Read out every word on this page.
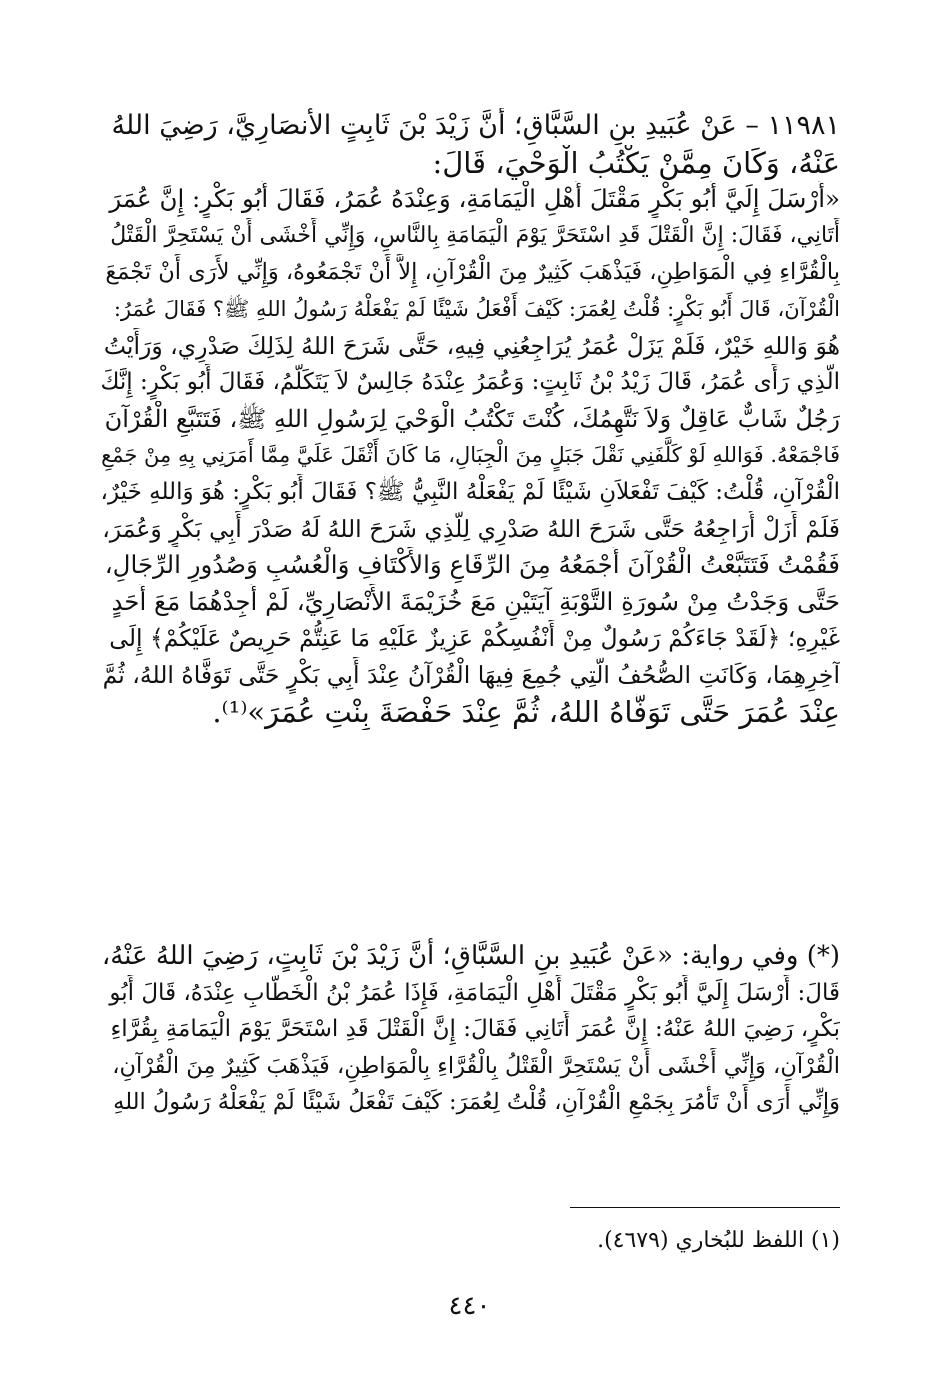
١١٩٨١ – عَنْ عُبَيدِ بنِ السَّبَّاقِ؛ أَنَّ زَيْدَ بْنَ ثَابِتٍ الأَنصَارِيَّ، رَضِيَ اللهُ
عَنْهُ، وَكَانَ مِمَّنْ يَكْتُبُ الْوَحْيَ، قَالَ:
«أَرْسَلَ إِلَيَّ أَبُو بَكْرٍ مَقْتَلَ أَهْلِ الْيَمَامَةِ، وَعِنْدَهُ عُمَرُ، فَقَالَ أَبُو بَكْرٍ: إِنَّ عُمَرَ
أَتَانِي، فَقَالَ: إِنَّ الْقَتْلَ قَدِ اسْتَحَرَّ يَوْمَ الْيَمَامَةِ بِالنَّاسِ، وَإِنِّي أَخْشَى أَنْ يَسْتَحِرَّ الْقَتْلُ
بِالْقُرَّاءِ فِي الْمَوَاطِنِ، فَيَذْهَبَ كَثِيرٌ مِنَ الْقُرْآنِ، إِلاَّ أَنْ تَجْمَعُوهُ، وَإِنِّي لأَرَى أَنْ تَجْمَعَ
الْقُرْآنَ، قَالَ أَبُو بَكْرٍ: قُلْتُ لِعُمَرَ: كَيْفَ أَفْعَلُ شَيْئًا لَمْ يَفْعَلْهُ رَسُولُ اللهِ ﷺ؟ فَقَالَ عُمَرُ:
هُوَ وَاللهِ خَيْرٌ، فَلَمْ يَزَلْ عُمَرُ يُرَاجِعُنِي فِيهِ، حَتَّى شَرَحَ اللهُ لِذَلِكَ صَدْرِي، وَرَأَيْتُ
الَّذِي رَأَى عُمَرُ، قَالَ زَيْدُ بْنُ ثَابِتٍ: وَعُمَرُ عِنْدَهُ جَالِسٌ لاَ يَتَكَلَّمُ، فَقَالَ أَبُو بَكْرٍ: إِنَّكَ
رَجُلٌ شَابٌّ عَاقِلٌ وَلاَ نَتَّهِمُكَ، كُنْتَ تَكْتُبُ الْوَحْيَ لِرَسُولِ اللهِ ﷺ، فَتَتَبَّعِ الْقُرْآنَ
فَاجْمَعْهُ. فَوَاللهِ لَوْ كَلَّفَنِي نَقْلَ جَبَلٍ مِنَ الْجِبَالِ، مَا كَانَ أَثْقَلَ عَلَيَّ مِمَّا أَمَرَنِي بِهِ مِنْ جَمْعِ
الْقُرْآنِ، قُلْتُ: كَيْفَ تَفْعَلاَنِ شَيْئًا لَمْ يَفْعَلْهُ النَّبِيُّ ﷺ؟ فَقَالَ أَبُو بَكْرٍ: هُوَ وَاللهِ خَيْرٌ،
فَلَمْ أَزَلْ أُرَاجِعُهُ حَتَّى شَرَحَ اللهُ صَدْرِي لِلَّذِي شَرَحَ اللهُ لَهُ صَدْرَ أَبِي بَكْرٍ وَعُمَرَ،
فَقُمْتُ فَتَتَبَّعْتُ الْقُرْآنَ أَجْمَعُهُ مِنَ الرِّقَاعِ وَالأَكْتَافِ وَالْعُسُبِ وَصُدُورِ الرِّجَالِ،
حَتَّى وَجَدْتُ مِنْ سُورَةِ التَّوْبَةِ آيَتَيْنِ مَعَ خُزَيْمَةَ الأَنْصَارِيِّ، لَمْ أَجِدْهُمَا مَعَ أَحَدٍ
غَيْرِهِ؛ ﴿لَقَدْ جَاءَكُمْ رَسُولٌ مِنْ أَنْفُسِكُمْ عَزِيزٌ عَلَيْهِ مَا عَنِتُّمْ حَرِيصٌ عَلَيْكُمْ﴾ إِلَى
آخِرِهِمَا، وَكَانَتِ الصُّحُفُ الَّتِي جُمِعَ فِيهَا الْقُرْآنُ عِنْدَ أَبِي بَكْرٍ حَتَّى تَوَفَّاهُ اللهُ، ثُمَّ
عِنْدَ عُمَرَ حَتَّى تَوَفَّاهُ اللهُ، ثُمَّ عِنْدَ حَفْصَةَ بِنْتِ عُمَرَ»⁽¹⁾.
(*) وفي رواية: «عَنْ عُبَيدِ بنِ السَّبَّاقِ؛ أَنَّ زَيْدَ بْنَ ثَابِتٍ، رَضِيَ اللهُ عَنْهُ،
قَالَ: أَرْسَلَ إِلَيَّ أَبُو بَكْرٍ مَقْتَلَ أَهْلِ الْيَمَامَةِ، فَإِذَا عُمَرُ بْنُ الْخَطَّابِ عِنْدَهُ، قَالَ أَبُو
بَكْرٍ، رَضِيَ اللهُ عَنْهُ: إِنَّ عُمَرَ أَتَانِي فَقَالَ: إِنَّ الْقَتْلَ قَدِ اسْتَحَرَّ يَوْمَ الْيَمَامَةِ بِقُرَّاءِ
الْقُرْآنِ، وَإِنِّي أَخْشَى أَنْ يَسْتَحِرَّ الْقَتْلُ بِالْقُرَّاءِ بِالْمَوَاطِنِ، فَيَذْهَبَ كَثِيرٌ مِنَ الْقُرْآنِ،
وَإِنِّي أَرَى أَنْ تَأْمُرَ بِجَمْعِ الْقُرْآنِ، قُلْتُ لِعُمَرَ: كَيْفَ تَفْعَلُ شَيْئًا لَمْ يَفْعَلْهُ رَسُولُ اللهِ
(١) اللفظ للبُخاري (٤٦٧٩).
٤٤٠
